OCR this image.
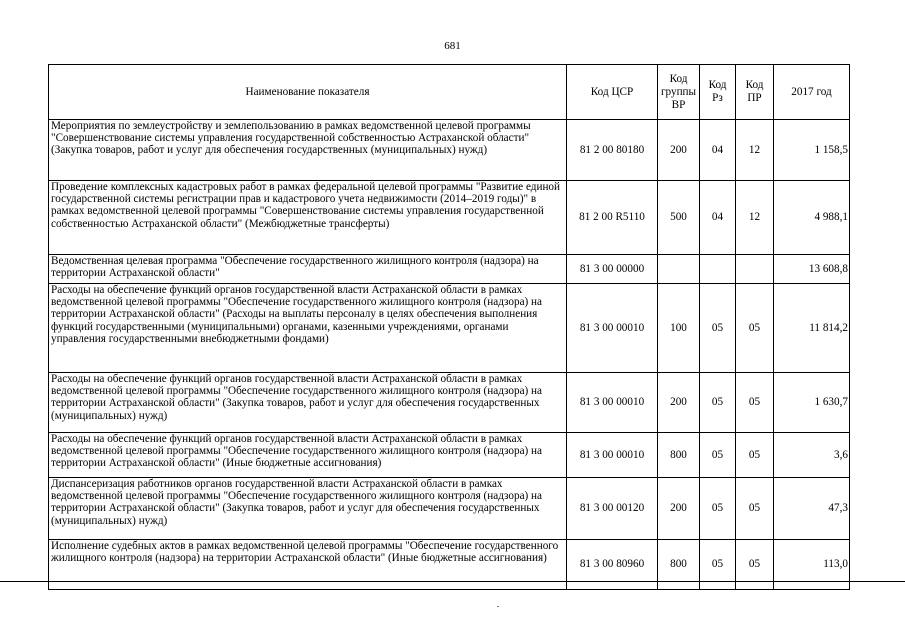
681
Наименование показателя	Код ЦСР	Код группы ВР	Код Рз	Код ПР	2017 год
Мероприятия по землеустройству и землепользованию в рамках ведомственной целевой программы "Совершенствование системы управления государственной собственностью Астраханской области" (Закупка товаров, работ и услуг для обеспечения государственных (муниципальных) нужд)	81 2 00 80180	200	04	12	1 158,5
Проведение комплексных кадастровых работ в рамках федеральной целевой программы "Развитие единой государственной системы регистрации прав и кадастрового учета недвижимости (2014–2019 годы)" в рамках ведомственной целевой программы "Совершенствование системы управления государственной собственностью Астраханской области" (Межбюджетные трансферты)	81 2 00 R5110	500	04	12	4 988,1
Ведомственная целевая программа "Обеспечение государственного жилищного контроля (надзора) на территории Астраханской области"	81 3 00 00000				13 608,8
Расходы на обеспечение функций органов государственной власти Астраханской области в рамках ведомственной целевой программы "Обеспечение государственного жилищного контроля (надзора) на территории Астраханской области" (Расходы на выплаты персоналу в целях обеспечения выполнения функций государственными (муниципальными) органами, казенными учреждениями, органами управления государственными внебюджетными фондами)	81 3 00 00010	100	05	05	11 814,2
Расходы на обеспечение функций органов государственной власти Астраханской области в рамках ведомственной целевой программы "Обеспечение государственного жилищного контроля (надзора) на территории Астраханской области" (Закупка товаров, работ и услуг для обеспечения государственных (муниципальных) нужд)	81 3 00 00010	200	05	05	1 630,7
Расходы на обеспечение функций органов государственной власти Астраханской области в рамках ведомственной целевой программы "Обеспечение государственного жилищного контроля (надзора) на территории Астраханской области" (Иные бюджетные ассигнования)	81 3 00 00010	800	05	05	3,6
Диспансеризация работников органов государственной власти Астраханской области в рамках ведомственной целевой программы "Обеспечение государственного жилищного контроля (надзора) на территории Астраханской области" (Закупка товаров, работ и услуг для обеспечения государственных (муниципальных) нужд)	81 3 00 00120	200	05	05	47,3
Исполнение судебных актов в рамках ведомственной целевой программы "Обеспечение государственного жилищного контроля (надзора) на территории Астраханской области" (Иные бюджетные ассигнования)	81 3 00 80960	800	05	05	113,0
